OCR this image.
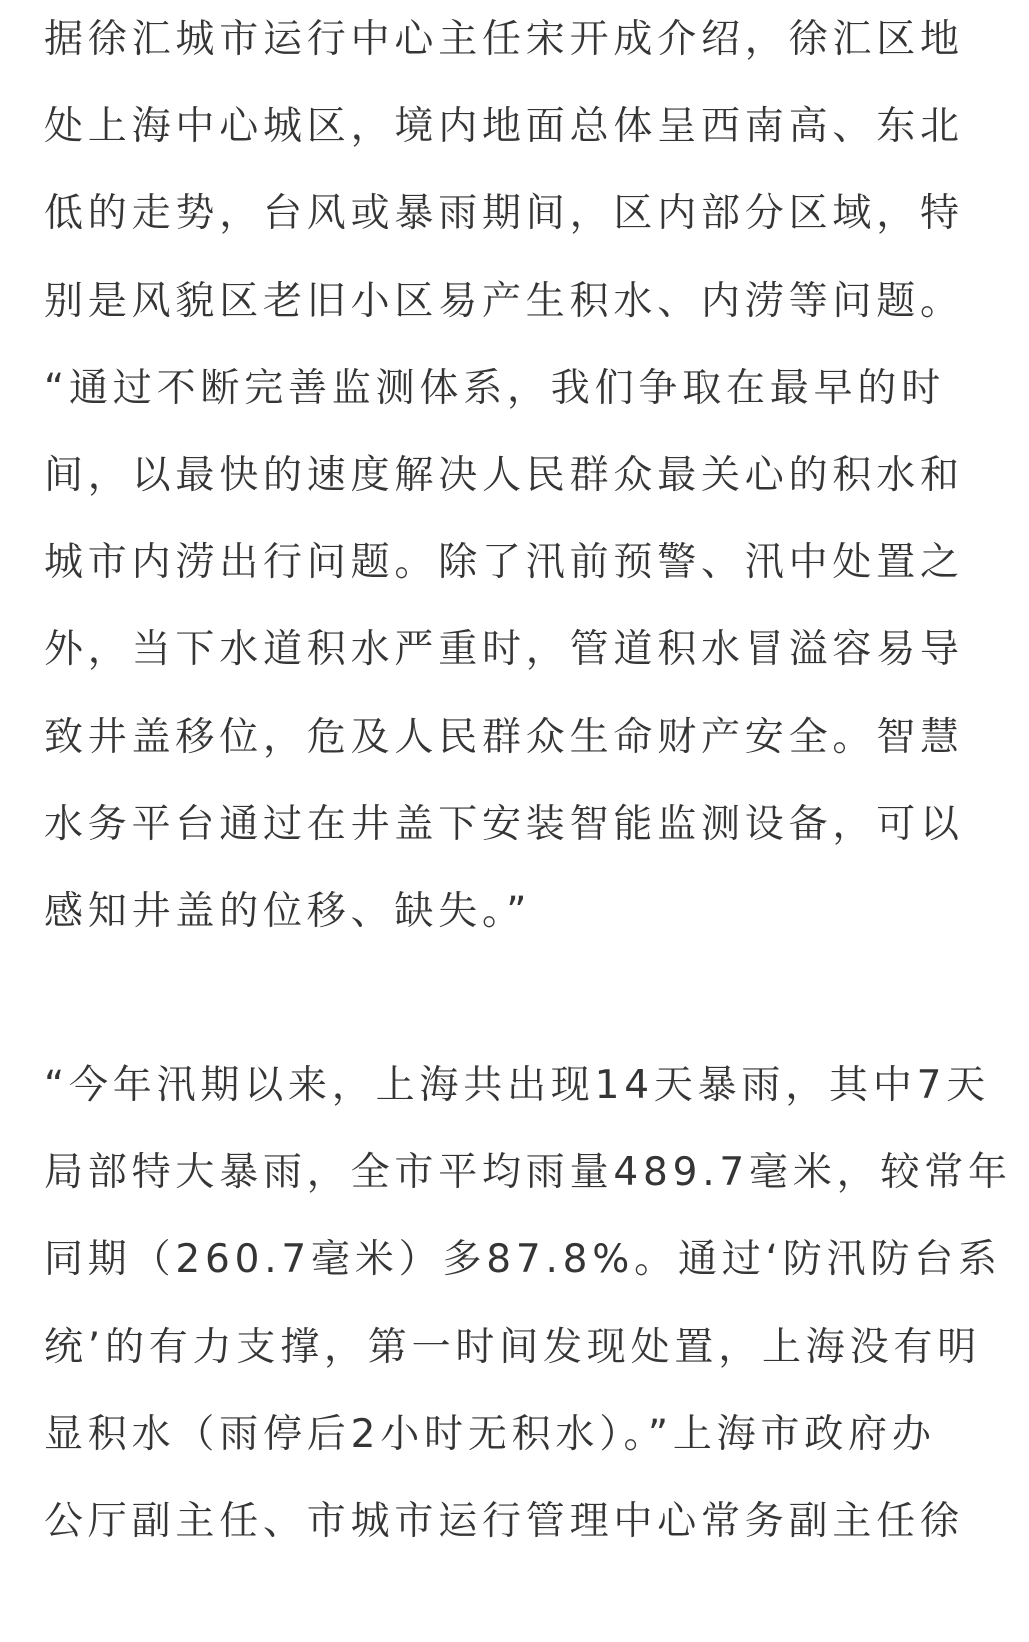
据徐汇城市运行中心主任宋开成介绍，徐汇区地
处上海中心城区，境内地面总体呈西南高、东北
低的走势，台风或暴雨期间，区内部分区域，特
别是风貌区老旧小区易产生积水、内涝等问题。
“通过不断完善监测体系，我们争取在最早的时
间，以最快的速度解决人民群众最关心的积水和
城市内涝出行问题。除了汛前预警、汛中处置之
外，当下水道积水严重时，管道积水冒溢容易导
致井盖移位，危及人民群众生命财产安全。智慧
水务平台通过在井盖下安装智能监测设备，可以
感知井盖的位移、缺失。”
“今年汛期以来，上海共出现14天暴雨，其中7天
局部特大暴雨，全市平均雨量489.7毫米，较常年
同期（260.7毫米）多87.8%。通过‘防汛防台系
统’的有力支撑，第一时间发现处置，上海没有明
显积水（雨停后2小时无积水）。”上海市政府办
公厅副主任、市城市运行管理中心常务副主任徐
